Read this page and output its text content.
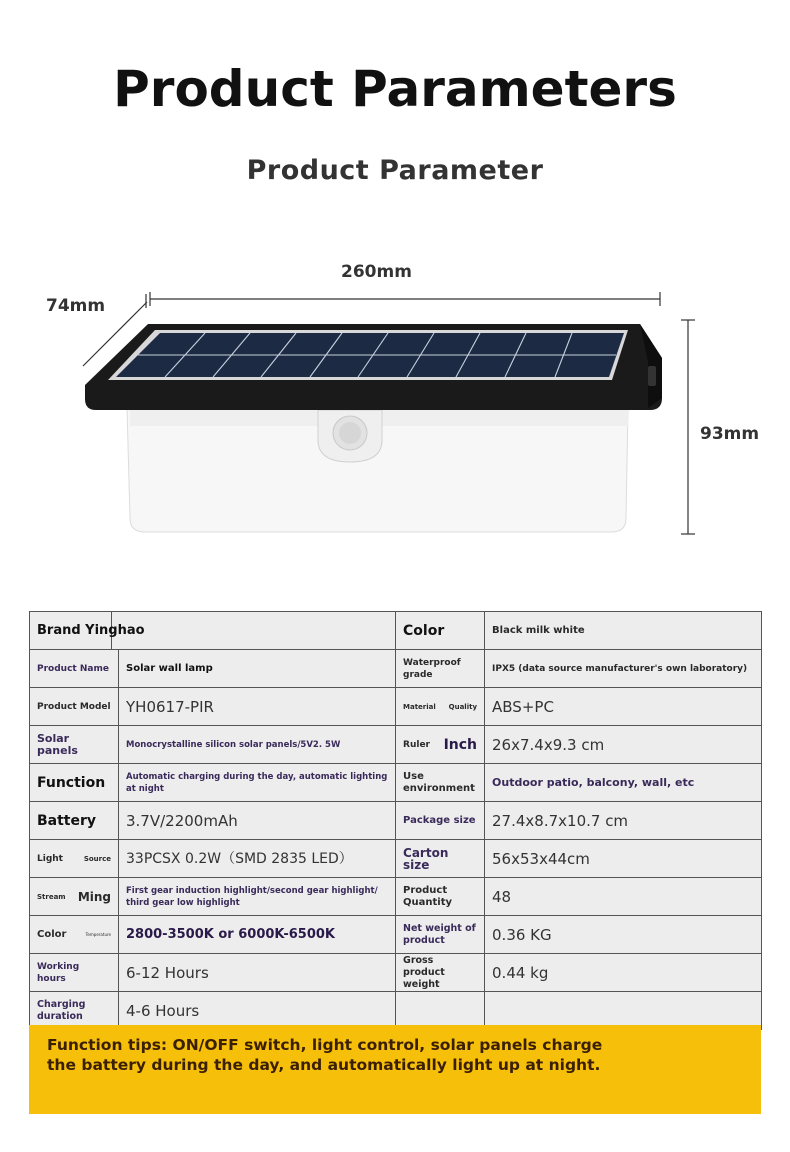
Product Parameters
Product Parameter
260mm
74mm
93mm
Brand Yinghao		Color	Black milk white
Product Name	Solar wall lamp	Waterproof grade	IPX5 (data source manufacturer's own laboratory)
Product Model	YH0617-PIR	Material Quality	ABS+PC
Solar panels	Monocrystalline silicon solar panels/5V2. 5W	Ruler Inch	26x7.4x9.3 cm
Function	Automatic charging during the day, automatic lighting at night	Use environment	Outdoor patio, balcony, wall, etc
Battery	3.7V/2200mAh	Package size	27.4x8.7x10.7 cm

Light Source	33PCSX 0.2W（SMD 2835 LED）	Carton size	56x53x44cm

Stream Ming	First gear induction highlight/second gear highlight/ third gear low highlight	Product Quantity	48

Color Temperature	2800-3500K or 6000K-6500K	Net weight of product	0.36 KG
Working hours	6-12 Hours	Gross product weight	0.44 kg
Charging duration	4-6 Hours		
Function tips: ON/OFF switch, light control, solar panels charge the battery during the day, and automatically light up at night.
